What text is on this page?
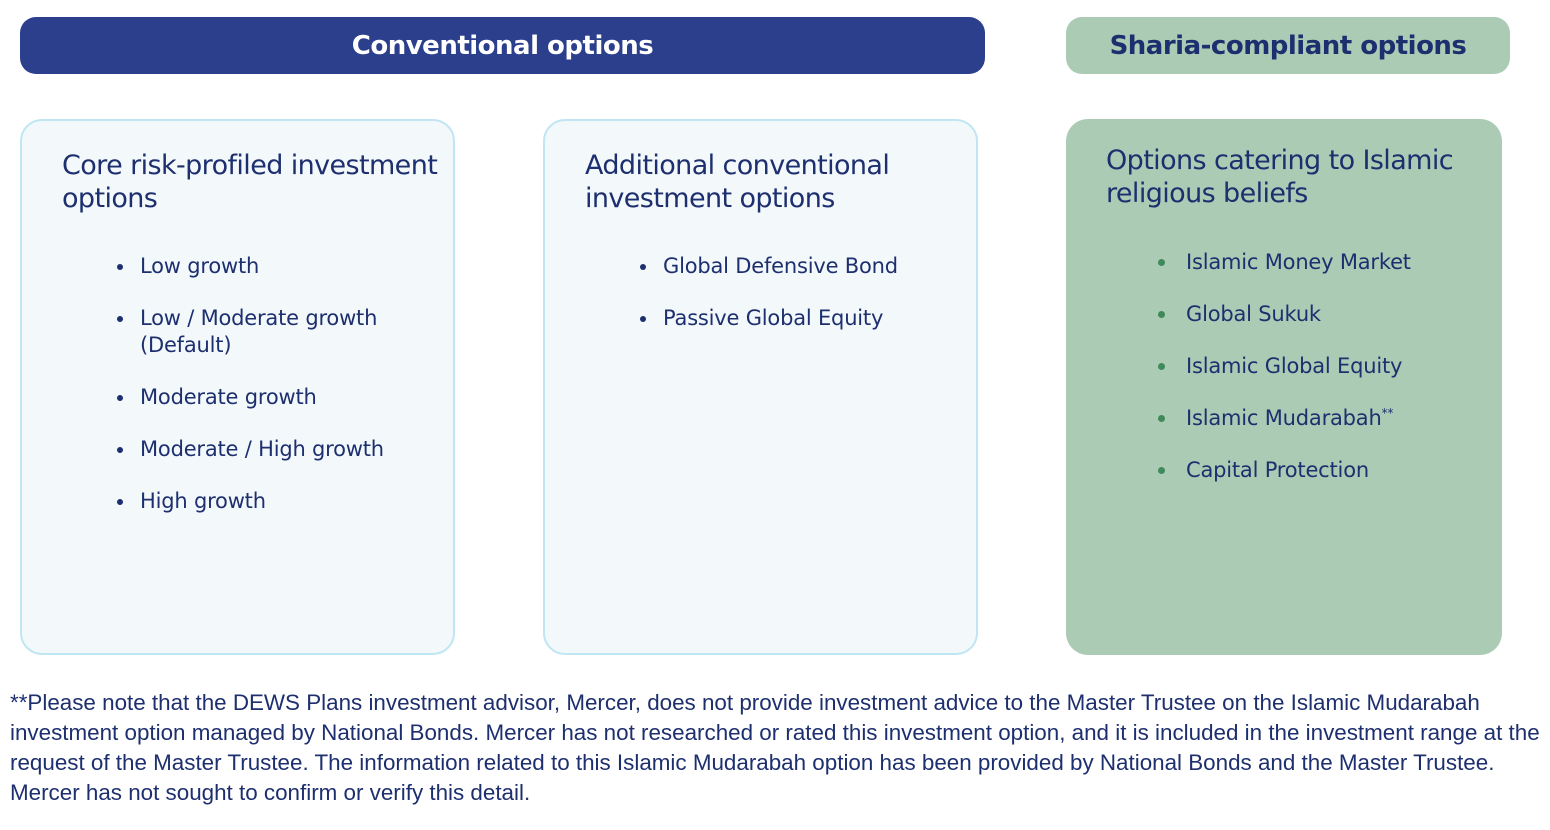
Conventional options	Sharia-compliant options
Core risk-profiled investment options
Low growth
Low / Moderate growth (Default)
Moderate growth
Moderate / High growth
High growth
Additional conventional investment options
Global Defensive Bond
Passive Global Equity
Options catering to Islamic religious beliefs
Islamic Money Market
Global Sukuk
Islamic Global Equity
Islamic Mudarabah**
Capital Protection

**Please note that the DEWS Plans investment advisor, Mercer, does not provide investment advice to the Master Trustee on the Islamic Mudarabah investment option managed by National Bonds. Mercer has not researched or rated this investment option, and it is included in the investment range at the request of the Master Trustee. The information related to this Islamic Mudarabah option has been provided by National Bonds and the Master Trustee. Mercer has not sought to confirm or verify this detail.
